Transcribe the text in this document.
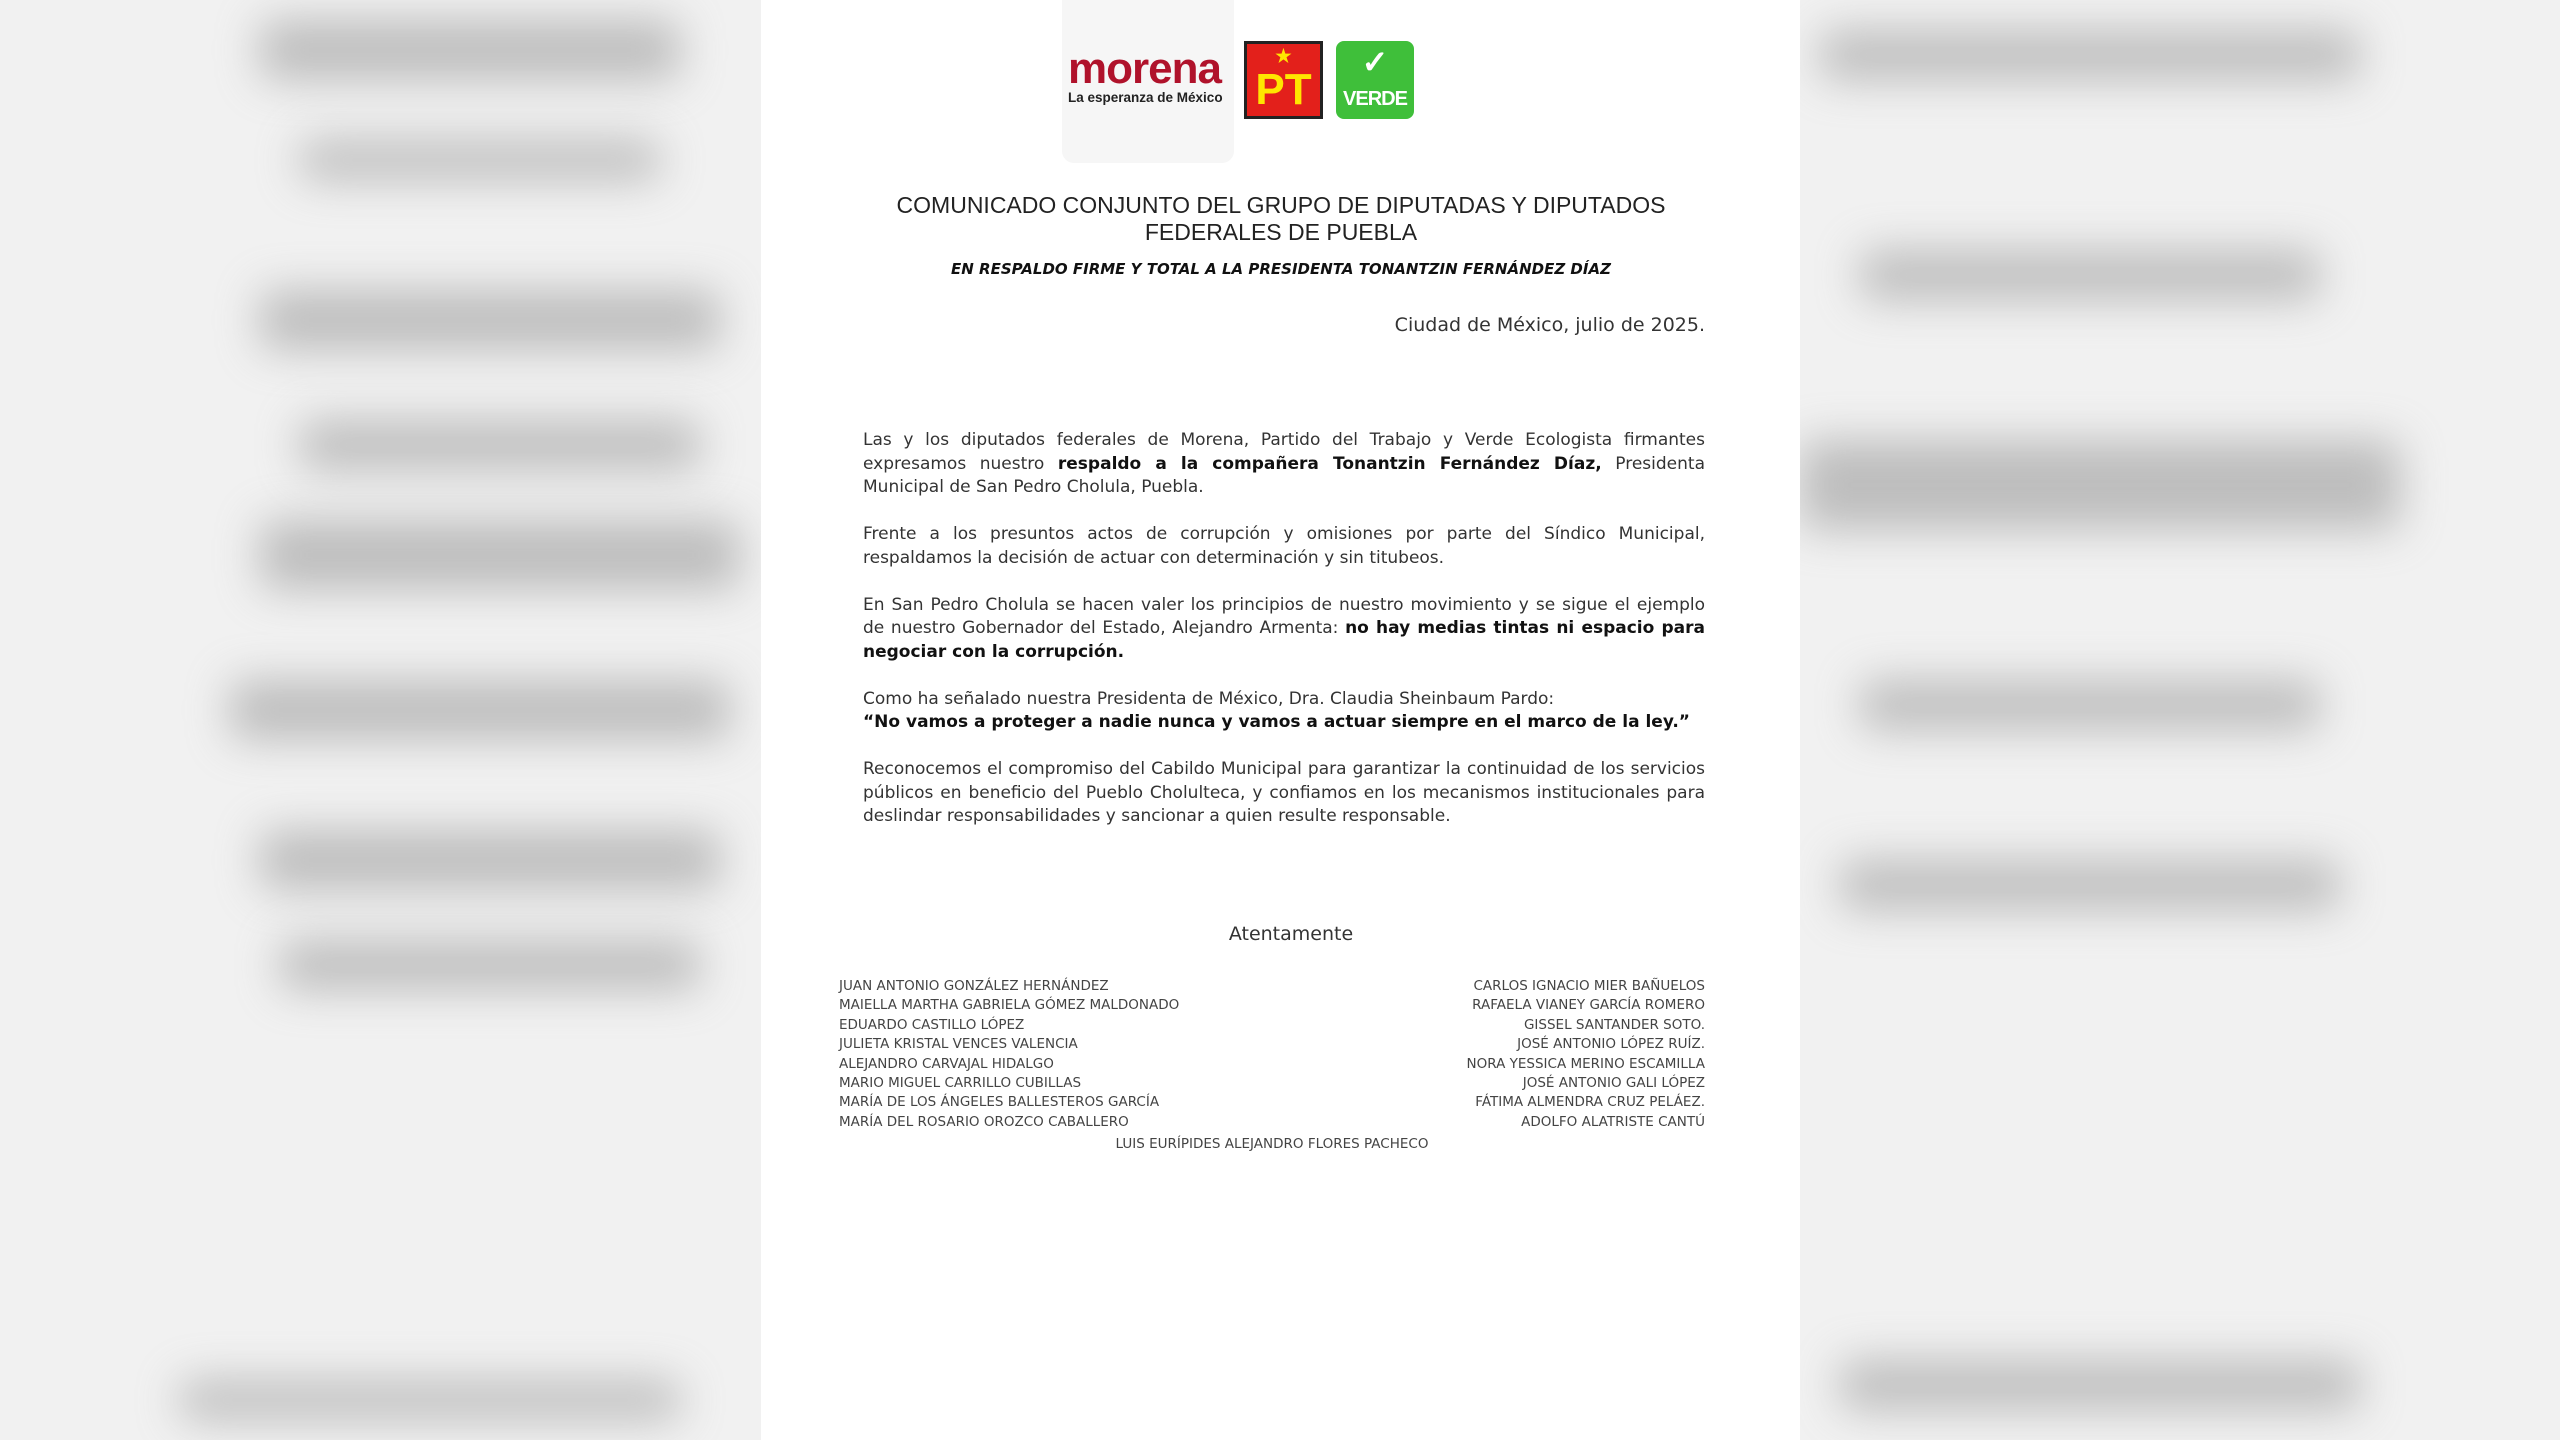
morena
La esperanza de México
★
PT
✓
VERDE
COMUNICADO CONJUNTO DEL GRUPO DE DIPUTADAS Y DIPUTADOS FEDERALES DE PUEBLA
EN RESPALDO FIRME Y TOTAL A LA PRESIDENTA TONANTZIN FERNÁNDEZ DÍAZ
Ciudad de México, julio de 2025.

Las y los diputados federales de Morena, Partido del Trabajo y Verde Ecologista firmantes expresamos nuestro respaldo a la compañera Tonantzin Fernández Díaz, Presidenta Municipal de San Pedro Cholula, Puebla.

Frente a los presuntos actos de corrupción y omisiones por parte del Síndico Municipal, respaldamos la decisión de actuar con determinación y sin titubeos.

En San Pedro Cholula se hacen valer los principios de nuestro movimiento y se sigue el ejemplo de nuestro Gobernador del Estado, Alejandro Armenta: no hay medias tintas ni espacio para negociar con la corrupción.

Como ha señalado nuestra Presidenta de México, Dra. Claudia Sheinbaum Pardo:
“No vamos a proteger a nadie nunca y vamos a actuar siempre en el marco de la ley.”

Reconocemos el compromiso del Cabildo Municipal para garantizar la continuidad de los servicios públicos en beneficio del Pueblo Cholulteca, y confiamos en los mecanismos institucionales para deslindar responsabilidades y sancionar a quien resulte responsable.

Atentamente
JUAN ANTONIO GONZÁLEZ HERNÁNDEZ
MAIELLA MARTHA GABRIELA GÓMEZ MALDONADO
EDUARDO CASTILLO LÓPEZ
JULIETA KRISTAL VENCES VALENCIA
ALEJANDRO CARVAJAL HIDALGO
MARIO MIGUEL CARRILLO CUBILLAS
MARÍA DE LOS ÁNGELES BALLESTEROS GARCÍA
MARÍA DEL ROSARIO OROZCO CABALLERO
CARLOS IGNACIO MIER BAÑUELOS
RAFAELA VIANEY GARCÍA ROMERO
GISSEL SANTANDER SOTO.
JOSÉ ANTONIO LÓPEZ RUÍZ.
NORA YESSICA MERINO ESCAMILLA
JOSÉ ANTONIO GALI LÓPEZ
FÁTIMA ALMENDRA CRUZ PELÁEZ.
ADOLFO ALATRISTE CANTÚ
LUIS EURÍPIDES ALEJANDRO FLORES PACHECO
